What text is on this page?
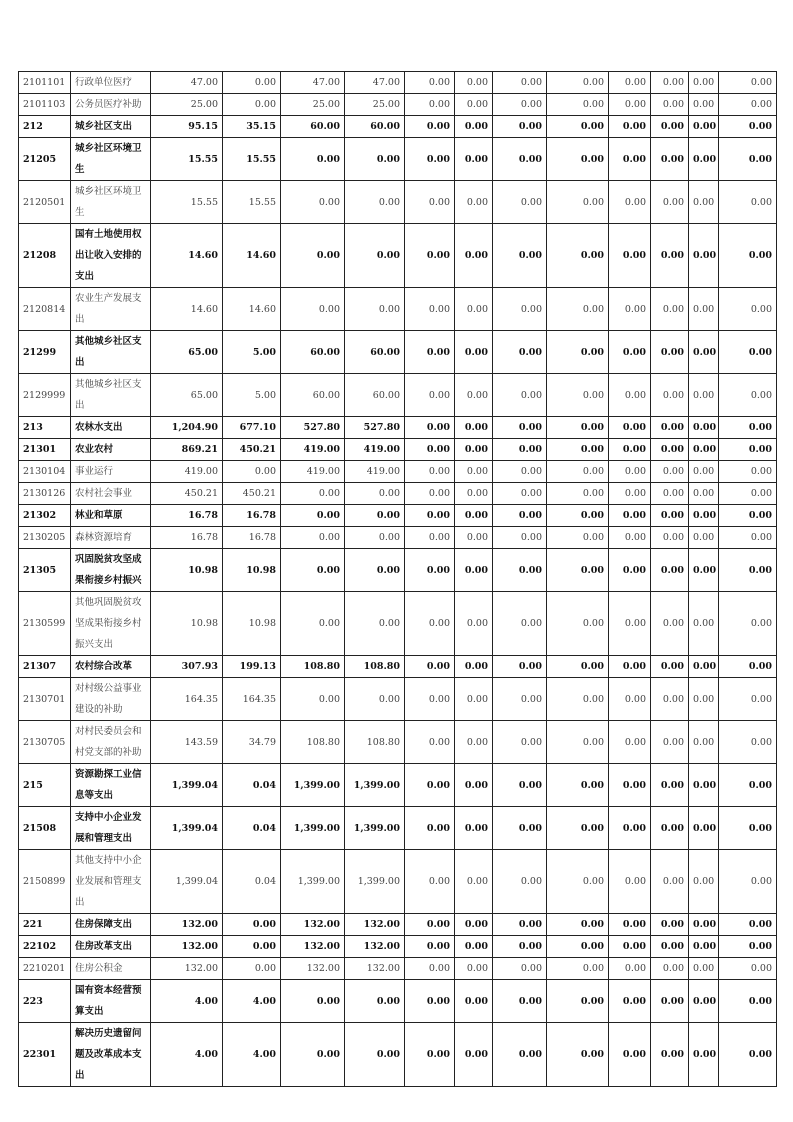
2101101	行政单位医疗	47.00	0.00	47.00	47.00	0.00	0.00	0.00	0.00	0.00	0.00	0.00	0.00	
2101103	公务员医疗补助	25.00	0.00	25.00	25.00	0.00	0.00	0.00	0.00	0.00	0.00	0.00	0.00	
212	城乡社区支出	95.15	35.15	60.00	60.00	0.00	0.00	0.00	0.00	0.00	0.00	0.00	0.00	
21205	城乡社区环境卫生	15.55	15.55	0.00	0.00	0.00	0.00	0.00	0.00	0.00	0.00	0.00	0.00	
2120501	城乡社区环境卫生	15.55	15.55	0.00	0.00	0.00	0.00	0.00	0.00	0.00	0.00	0.00	0.00	
21208	国有土地使用权出让收入安排的支出	14.60	14.60	0.00	0.00	0.00	0.00	0.00	0.00	0.00	0.00	0.00	0.00	
2120814	农业生产发展支出	14.60	14.60	0.00	0.00	0.00	0.00	0.00	0.00	0.00	0.00	0.00	0.00	
21299	其他城乡社区支出	65.00	5.00	60.00	60.00	0.00	0.00	0.00	0.00	0.00	0.00	0.00	0.00	
2129999	其他城乡社区支出	65.00	5.00	60.00	60.00	0.00	0.00	0.00	0.00	0.00	0.00	0.00	0.00	
213	农林水支出	1,204.90	677.10	527.80	527.80	0.00	0.00	0.00	0.00	0.00	0.00	0.00	0.00	
21301	农业农村	869.21	450.21	419.00	419.00	0.00	0.00	0.00	0.00	0.00	0.00	0.00	0.00	
2130104	事业运行	419.00	0.00	419.00	419.00	0.00	0.00	0.00	0.00	0.00	0.00	0.00	0.00	
2130126	农村社会事业	450.21	450.21	0.00	0.00	0.00	0.00	0.00	0.00	0.00	0.00	0.00	0.00	
21302	林业和草原	16.78	16.78	0.00	0.00	0.00	0.00	0.00	0.00	0.00	0.00	0.00	0.00	
2130205	森林资源培育	16.78	16.78	0.00	0.00	0.00	0.00	0.00	0.00	0.00	0.00	0.00	0.00	
21305	巩固脱贫攻坚成果衔接乡村振兴	10.98	10.98	0.00	0.00	0.00	0.00	0.00	0.00	0.00	0.00	0.00	0.00	
2130599	其他巩固脱贫攻坚成果衔接乡村振兴支出	10.98	10.98	0.00	0.00	0.00	0.00	0.00	0.00	0.00	0.00	0.00	0.00	
21307	农村综合改革	307.93	199.13	108.80	108.80	0.00	0.00	0.00	0.00	0.00	0.00	0.00	0.00	
2130701	对村级公益事业建设的补助	164.35	164.35	0.00	0.00	0.00	0.00	0.00	0.00	0.00	0.00	0.00	0.00	
2130705	对村民委员会和村党支部的补助	143.59	34.79	108.80	108.80	0.00	0.00	0.00	0.00	0.00	0.00	0.00	0.00	
215	资源勘探工业信息等支出	1,399.04	0.04	1,399.00	1,399.00	0.00	0.00	0.00	0.00	0.00	0.00	0.00	0.00	
21508	支持中小企业发展和管理支出	1,399.04	0.04	1,399.00	1,399.00	0.00	0.00	0.00	0.00	0.00	0.00	0.00	0.00	
2150899	其他支持中小企业发展和管理支出	1,399.04	0.04	1,399.00	1,399.00	0.00	0.00	0.00	0.00	0.00	0.00	0.00	0.00	
221	住房保障支出	132.00	0.00	132.00	132.00	0.00	0.00	0.00	0.00	0.00	0.00	0.00	0.00	
22102	住房改革支出	132.00	0.00	132.00	132.00	0.00	0.00	0.00	0.00	0.00	0.00	0.00	0.00	
2210201	住房公积金	132.00	0.00	132.00	132.00	0.00	0.00	0.00	0.00	0.00	0.00	0.00	0.00	
223	国有资本经营预算支出	4.00	4.00	0.00	0.00	0.00	0.00	0.00	0.00	0.00	0.00	0.00	0.00	
22301	解决历史遗留问题及改革成本支出	4.00	4.00	0.00	0.00	0.00	0.00	0.00	0.00	0.00	0.00	0.00	0.00	
